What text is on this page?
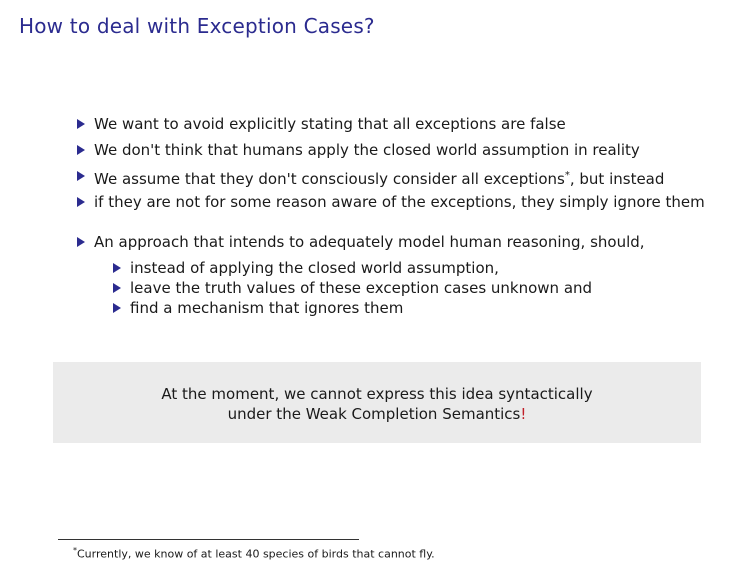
How to deal with Exception Cases?
We want to avoid explicitly stating that all exceptions are false
We don't think that humans apply the closed world assumption in reality
We assume that they don't consciously consider all exceptions*, but instead
if they are not for some reason aware of the exceptions, they simply ignore them
An approach that intends to adequately model human reasoning, should,
instead of applying the closed world assumption,
leave the truth values of these exception cases unknown and
find a mechanism that ignores them
At the moment, we cannot express this idea syntactically
under the Weak Completion Semantics!
*Currently, we know of at least 40 species of birds that cannot fly.
